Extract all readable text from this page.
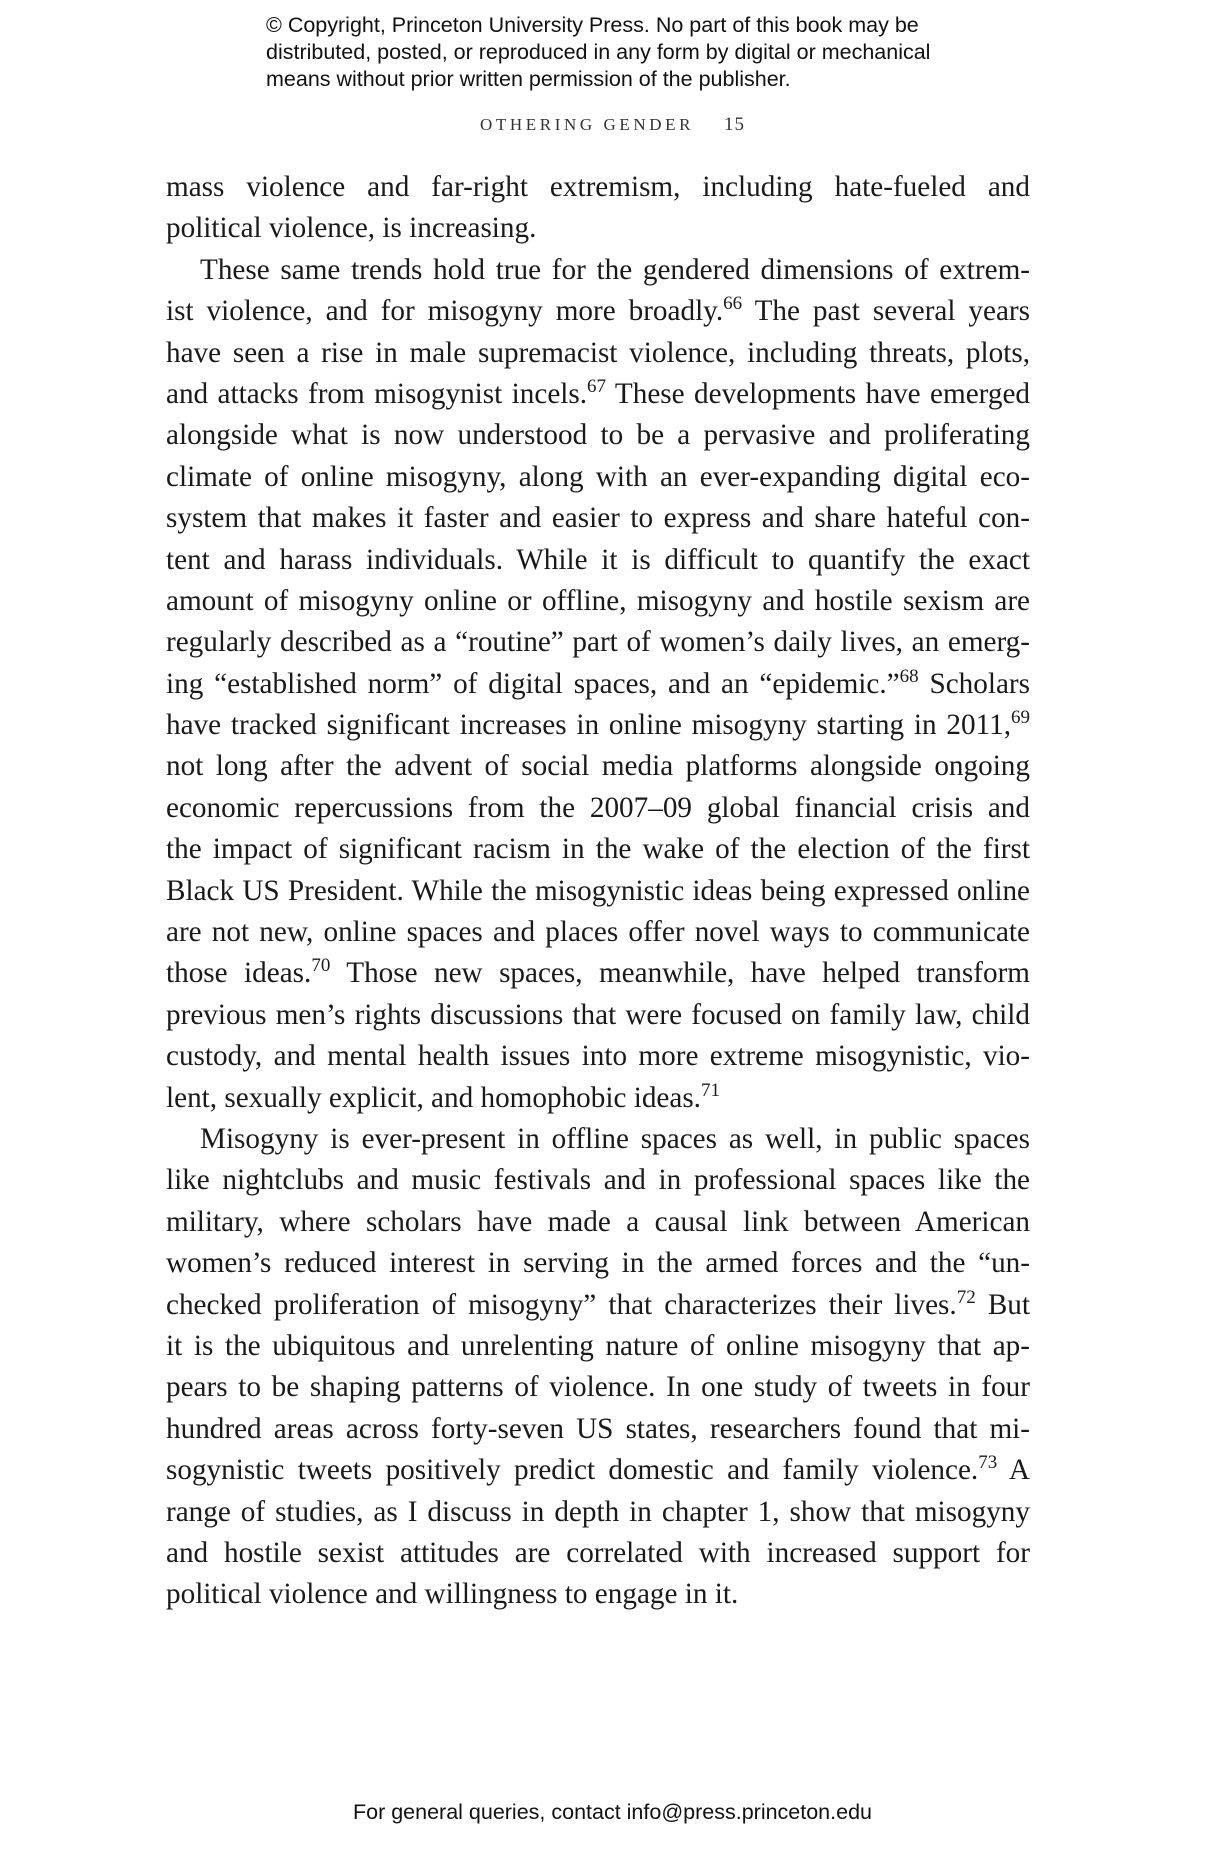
© Copyright, Princeton University Press. No part of this book may be
distributed, posted, or reproduced in any form by digital or mechanical
means without prior written permission of the publisher.
OTHERING GENDER 15
mass violence and far-right extremism, including hate-fueled and
political violence, is increasing.
These same trends hold true for the gendered dimensions of extrem-
ist violence, and for misogyny more broadly.$^{66}$ The past several years
have seen a rise in male supremacist violence, including threats, plots,
and attacks from misogynist incels.$^{67}$ These developments have emerged
alongside what is now understood to be a pervasive and proliferating
climate of online misogyny, along with an ever-expanding digital eco-
system that makes it faster and easier to express and share hateful con-
tent and harass individuals. While it is difficult to quantify the exact
amount of misogyny online or offline, misogyny and hostile sexism are
regularly described as a “routine” part of women’s daily lives, an emerg-
ing “established norm” of digital spaces, and an “epidemic.”$^{68}$ Scholars
have tracked significant increases in online misogyny starting in 2011,69
not long after the advent of social media platforms alongside ongoing
economic repercussions from the 2007–09 global financial crisis and
the impact of significant racism in the wake of the election of the first
Black US President. While the misogynistic ideas being expressed online
are not new, online spaces and places offer novel ways to communicate
those ideas.$^{70}$ Those new spaces, meanwhile, have helped transform
previous men’s rights discussions that were focused on family law, child
custody, and mental health issues into more extreme misogynistic, vio-
lent, sexually explicit, and homophobic ideas.$^{71}$
Misogyny is ever-present in offline spaces as well, in public spaces
like nightclubs and music festivals and in professional spaces like the
military, where scholars have made a causal link between American
women’s reduced interest in serving in the armed forces and the “un-
checked proliferation of misogyny” that characterizes their lives.$^{72}$ But
it is the ubiquitous and unrelenting nature of online misogyny that ap-
pears to be shaping patterns of violence. In one study of tweets in four
hundred areas across forty-seven US states, researchers found that mi-
sogynistic tweets positively predict domestic and family violence.$^{73}$ A
range of studies, as I discuss in depth in chapter 1, show that misogyny
and hostile sexist attitudes are correlated with increased support for
political violence and willingness to engage in it.
For general queries, contact info@press.princeton.edu
